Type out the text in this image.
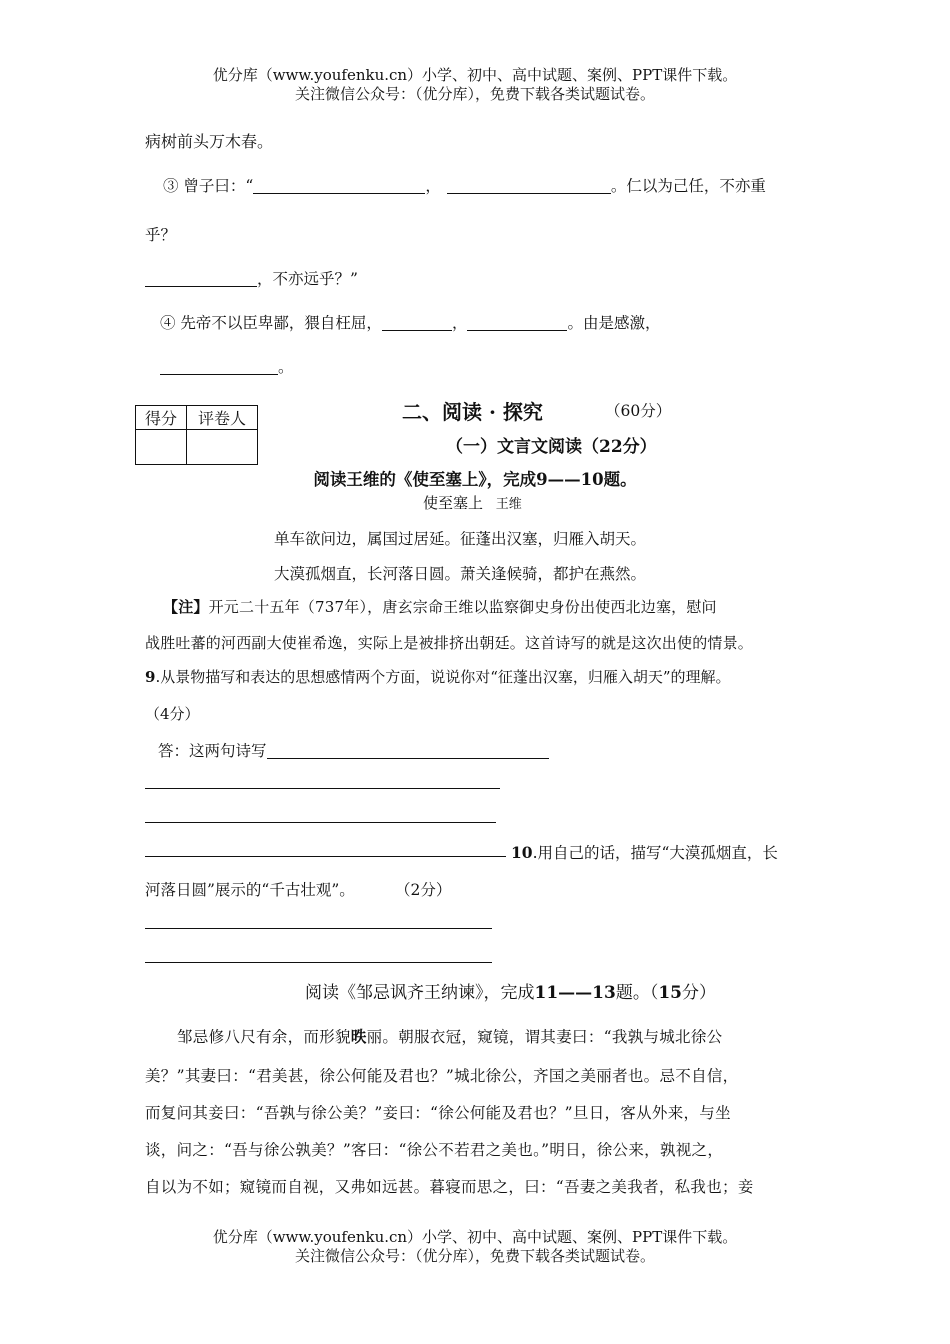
优分库（www.youfenku.cn）小学、初中、高中试题、案例、PPT课件下载。
关注微信公众号：（优分库），免费下载各类试题试卷。
病树前头万木春。
③ 曾子曰：“	，	。仁以为己任，不亦重
乎？
，不亦远乎？”
④ 先帝不以臣卑鄙，猥自枉屈，	，	。由是感激，
。
得分	评卷人
		二、阅读 · 探究	（60分）
（一）文言文阅读（22分）
阅读王维的《使至塞上》，完成9——10题。
使至塞上 王维
单车欲问边，属国过居延。征蓬出汉塞，归雁入胡天。
大漠孤烟直，长河落日圆。萧关逢候骑，都护在燕然。
【注】开元二十五年（737年），唐玄宗命王维以监察御史身份出使西北边塞，慰问
战胜吐蕃的河西副大使崔希逸，实际上是被排挤出朝廷。这首诗写的就是这次出使的情景。
9.从景物描写和表达的思想感情两个方面，说说你对“征蓬出汉塞，归雁入胡天”的理解。
（4分）
答：这两句诗写
10.用自己的话，描写“大漠孤烟直，长
河落日圆”展示的“千古壮观”。	（2分）
阅读《邹忌讽齐王纳谏》，完成11——13题。（15分）
邹忌修八尺有余，而形貌昳丽。朝服衣冠，窥镜，谓其妻曰：“我孰与城北徐公
美？”其妻曰：“君美甚，徐公何能及君也？”城北徐公，齐国之美丽者也。忌不自信，
而复问其妾曰：“吾孰与徐公美？”妾曰：“徐公何能及君也？”旦日，客从外来，与坐
谈，问之：“吾与徐公孰美？”客曰：“徐公不若君之美也。”明日，徐公来，孰视之，
自以为不如；窥镜而自视，又弗如远甚。暮寝而思之，曰：“吾妻之美我者，私我也；妾
优分库（www.youfenku.cn）小学、初中、高中试题、案例、PPT课件下载。
关注微信公众号：（优分库），免费下载各类试题试卷。
